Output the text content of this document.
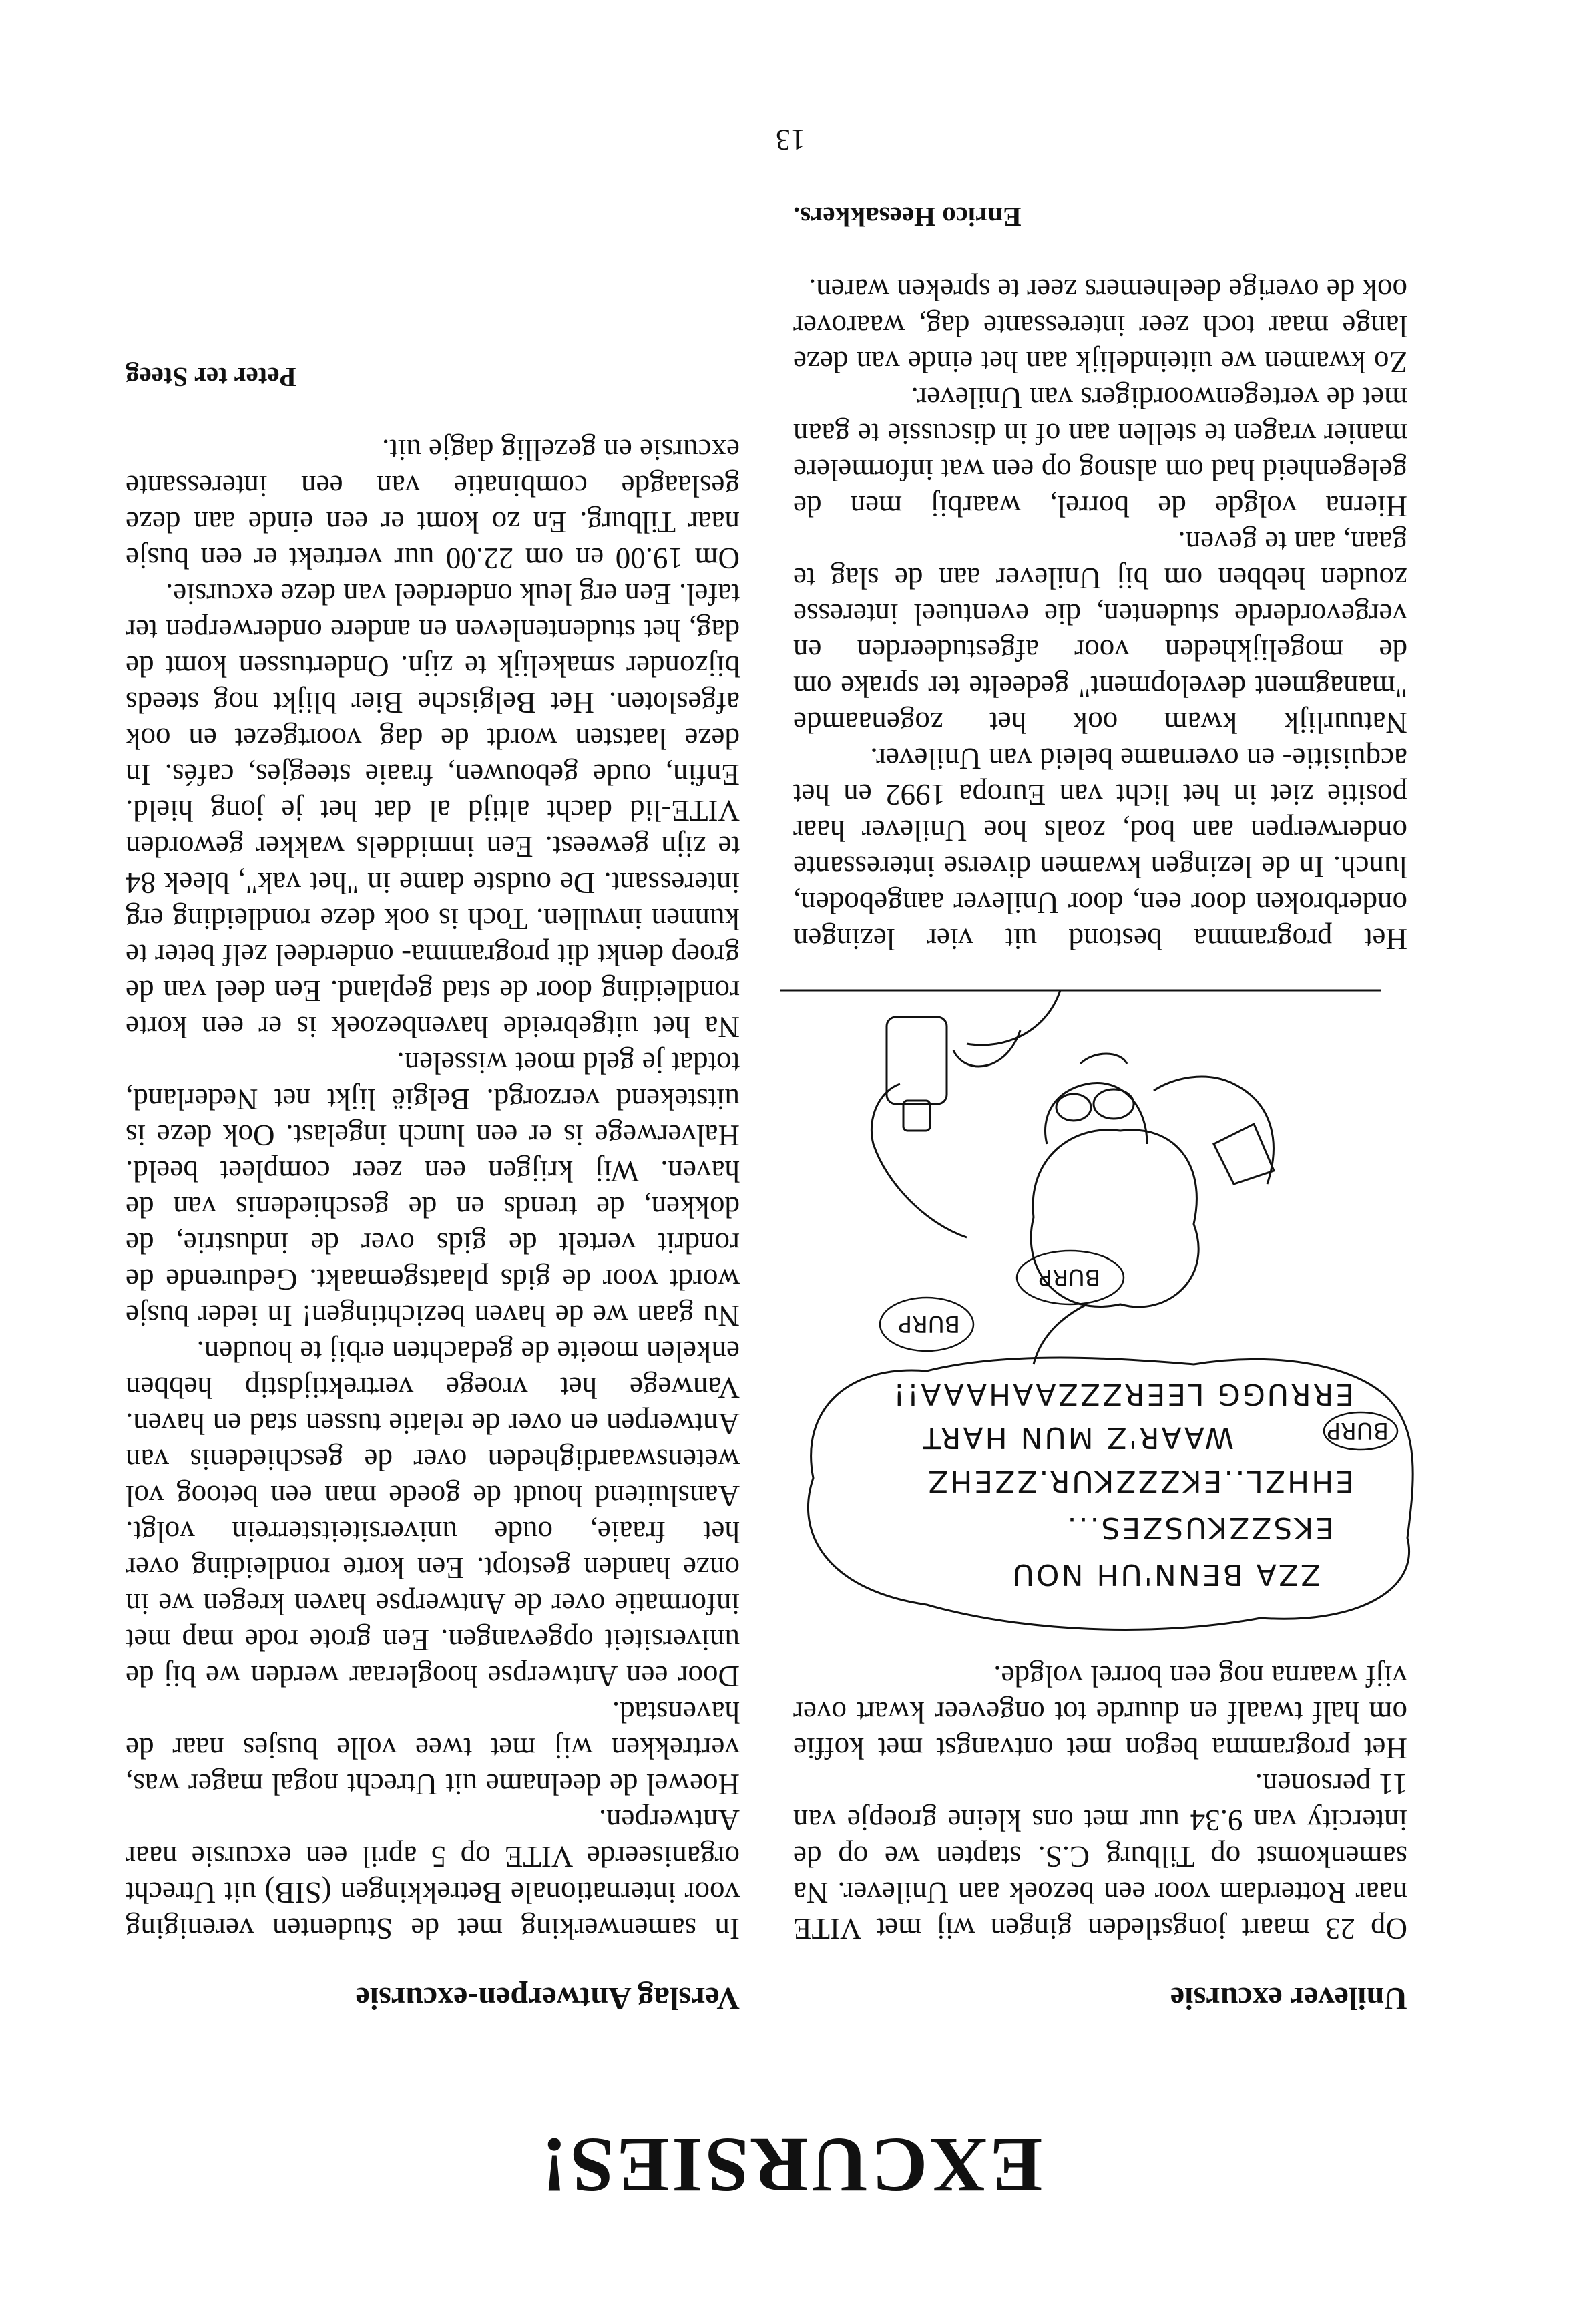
EXCURSIES!
Unilever excursie

Op 23 maart jongstleden gingen wij met VITE naar Rotterdam voor een bezoek aan Unilever. Na samenkomst op Tilburg C.S. stapten we op de intercity van 9.34 uur met ons kleine groepje van 11 personen.

Het programma begon met ontvangst met koffie om half twaalf en duurde tot ongeveer kwart over vijf waarna nog een borrel volgde.

ZZA BENN'UH NOU
EKSZZKUSZES...
EHHZL..EKZZZKUR.ZZEHZ
WAAR'Z MUN HART
ERRUGG LEERZZZAAHAAA!!
BURP
BURP
BURP

Het programma bestond uit vier lezingen onderbroken door een, door Unilever aangeboden, lunch. In de lezingen kwamen diverse interessante onderwerpen aan bod, zoals hoe Unilever haar positie ziet in het licht van Europa 1992 en het acquisitie- en overname beleid van Unilever.

Natuurlijk kwam ook het zogenaamde "managment development" gedeelte ter sprake om de mogelijkheden voor afgestudeerden en vergevorderde studenten, die eventueel interesse zouden hebben om bij Unilever aan de slag te gaan, aan te geven.

Hierna volgde de borrel, waarbij men de gelegenheid had om alsnog op een wat informelere manier vragen te stellen aan of in discussie te gaan met de vertegenwoordigers van Unilever.

Zo kwamen we uiteindelijk aan het einde van deze lange maar toch zeer interessante dag, waarover ook de overige deelnemers zeer te spreken waren.

Enrico Heesakkers.
Verslag Antwerpen-excursie

In samenwerking met de Studenten vereniging voor internationale Betrekkingen (SIB) uit Utrecht organiseerde VITE op 5 april een excursie naar Antwerpen.

Hoewel de deelname uit Utrecht nogal mager was, vertrekken wij met twee volle busjes naar de havenstad.

Door een Antwerpse hoogleraar werden we bij de universiteit opgevangen. Een grote rode map met informatie over de Antwerpse haven kregen we in onze handen gestopt. Een korte rondleiding over het fraaie, oude universiteitsterrein volgt. Aansluitend houdt de goede man een betoog vol wetenswaardigheden over de geschiedenis van Antwerpen en over de relatie tussen stad en haven. Vanwege het vroege vertrektijdstip hebben enkelen moeite de gedachten erbij te houden.

Nu gaan we de haven bezichtingen! In ieder busje wordt voor de gids plaatsgemaakt. Gedurende de rondrit vertelt de gids over de industrie, de dokken, de trends en de geschiedenis van de haven. Wij krijgen een zeer compleet beeld. Halverwege is er een lunch ingelast. Ook deze is uitstekend verzorgd. België lijkt net Nederland, totdat je geld moet wisselen.

Na het uitgebreide havenbezoek is er een korte rondleiding door de stad gepland. Een deel van de groep denkt dit programma- onderdeel zelf beter te kunnen invullen. Toch is ook deze rondleiding erg interessant. De oudste dame in "het vak", bleek 84 te zijn geweest. Een inmiddels wakker geworden VITE-lid dacht altijd al dat het je jong hield. Enfin, oude gebouwen, fraaie steegjes, cafés. In deze laatsten wordt de dag voortgezet en ook afgesloten. Het Belgische Bier blijkt nog steeds bijzonder smakelijk te zijn. Ondertussen komt de dag, het studentenleven en andere onderwerpen ter tafel. Een erg leuk onderdeel van deze excursie.

Om 19.00 en om 22.00 uur vertrekt er een busje naar Tilburg. En zo komt er een einde aan deze geslaagde combinatie van een interessante excursie en gezellig dagje uit.

Peter ter Steeg
13
